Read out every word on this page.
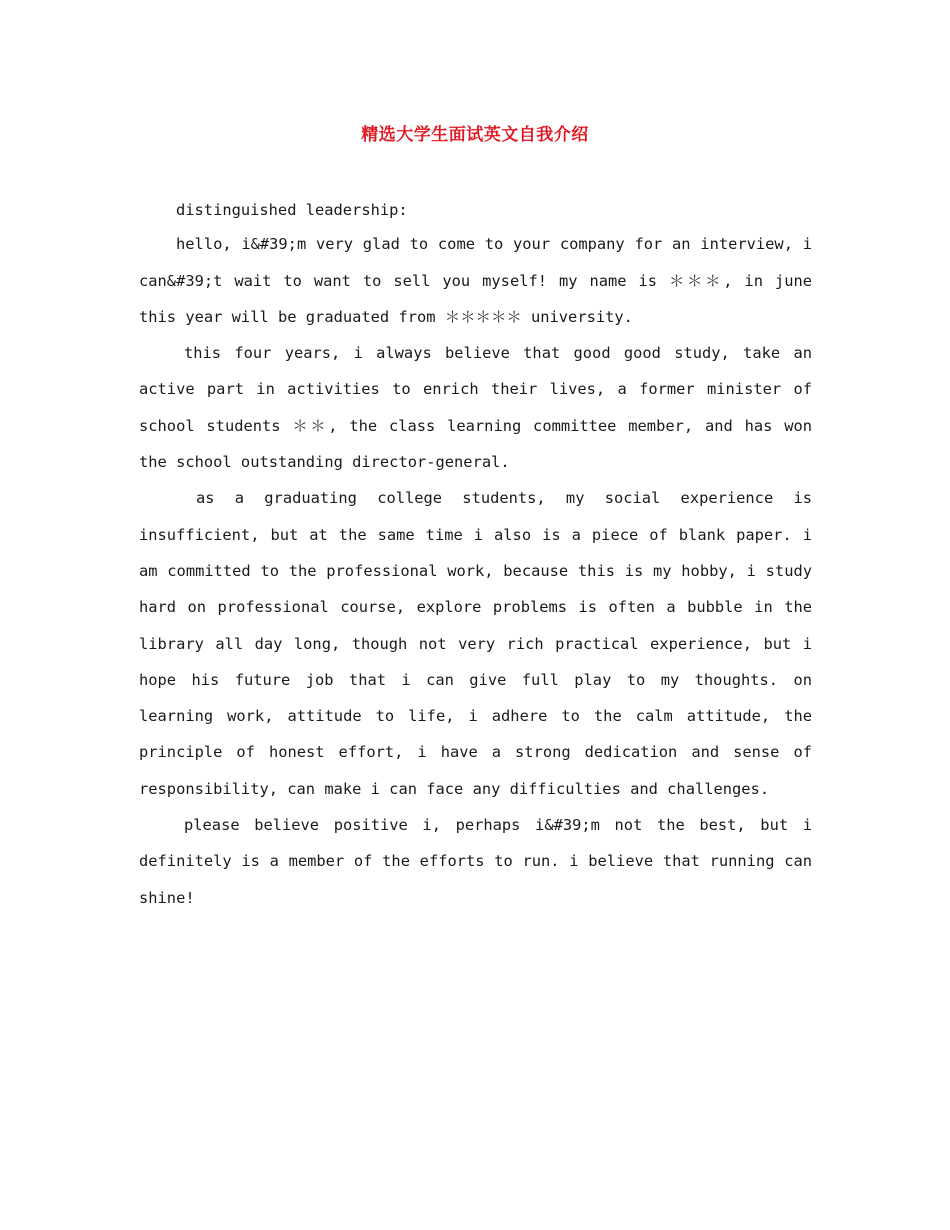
精选大学生面试英文自我介绍

distinguished leadership:

hello, i&#39;m very glad to come to your company for an interview, i can&#39;t wait to want to sell you myself! my name is ＊＊＊, in june this year will be graduated from ＊＊＊＊＊ university.

this four years, i always believe that good good study, take an active part in activities to enrich their lives, a former minister of school students ＊＊, the class learning committee member, and has won the school outstanding director-general.

as a graduating college students, my social experience is insufficient, but at the same time i also is a piece of blank paper. i am committed to the professional work, because this is my hobby, i study hard on professional course, explore problems is often a bubble in the library all day long, though not very rich practical experience, but i hope his future job that i can give full play to my thoughts. on learning work, attitude to life, i adhere to the calm attitude, the principle of honest effort, i have a strong dedication and sense of responsibility, can make i can face any difficulties and challenges.

please believe positive i, perhaps i&#39;m not the best, but i definitely is a member of the efforts to run. i believe that running can shine!
